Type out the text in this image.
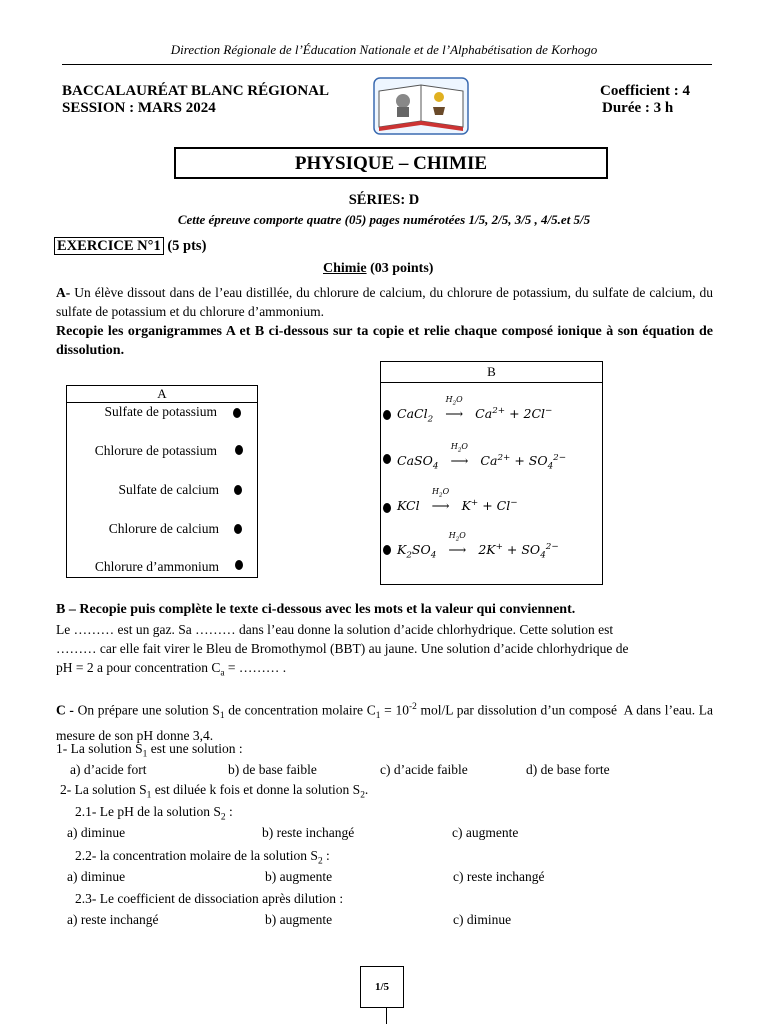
Direction Régionale de l’Éducation Nationale et de l’Alphabétisation de Korhogo
BACCALAURÉAT BLANC RÉGIONAL
SESSION : MARS 2024
Coefficient : 4
Durée : 3 h
PHYSIQUE – CHIMIE
SÉRIES: D
Cette épreuve comporte quatre (05) pages numérotées 1/5, 2/5, 3/5 , 4/5.et 5/5
EXERCICE N°1 (5 pts)
Chimie (03 points)
A- Un élève dissout dans de l’eau distillée, du chlorure de calcium, du chlorure de potassium, du sulfate de calcium, du sulfate de potassium et du chlorure d’ammonium.
Recopie les organigrammes A et B ci-dessous sur ta copie et relie chaque composé ionique à son équation de dissolution.
A
Sulfate de potassium
Chlorure de potassium
Sulfate de calcium
Chlorure de calcium
Chlorure d’ammonium
B
CaCl$_2$
$H_2O$
⟶ $Ca^{2+} + 2Cl^-$
CaSO$_4$
$H_2O$
⟶ $Ca^{2+} + SO_4^{2-}$
KCl
$H_2O$
⟶ K+ + Cl−
$K_2SO_4$
$H_2O$
⟶ $2K^+ + SO_4^{2-}$
B – Recopie puis complète le texte ci-dessous avec les mots et la valeur qui conviennent.
Le ……… est un gaz. Sa ……… dans l’eau donne la solution d’acide chlorhydrique. Cette solution est
……… car elle fait virer le Bleu de Bromothymol (BBT) au jaune. Une solution d’acide chlorhydrique de
pH = 2 a pour concentration $C_a$ = ……… .
C - On prépare une solution $S_1$ de concentration molaire $C_1 = 10^{-2}$ mol/L par dissolution d’un composé  A dans l’eau. La mesure de son pH donne 3,4.
1- La solution $S_1$ est une solution :
a) d’acide fort	b) de base faible	c) d’acide faible	d) de base forte
2- La solution $S_1$ est diluée k fois et donne la solution $S_2$.
2.1- Le pH de la solution $S_2$ :
a) diminue	b) reste inchangé	c) augmente
2.2- la concentration molaire de la solution $S_2$ :
a) diminue	b) augmente	c) reste inchangé
2.3- Le coefficient de dissociation après dilution :
a) reste inchangé	b) augmente	c) diminue
1/5
